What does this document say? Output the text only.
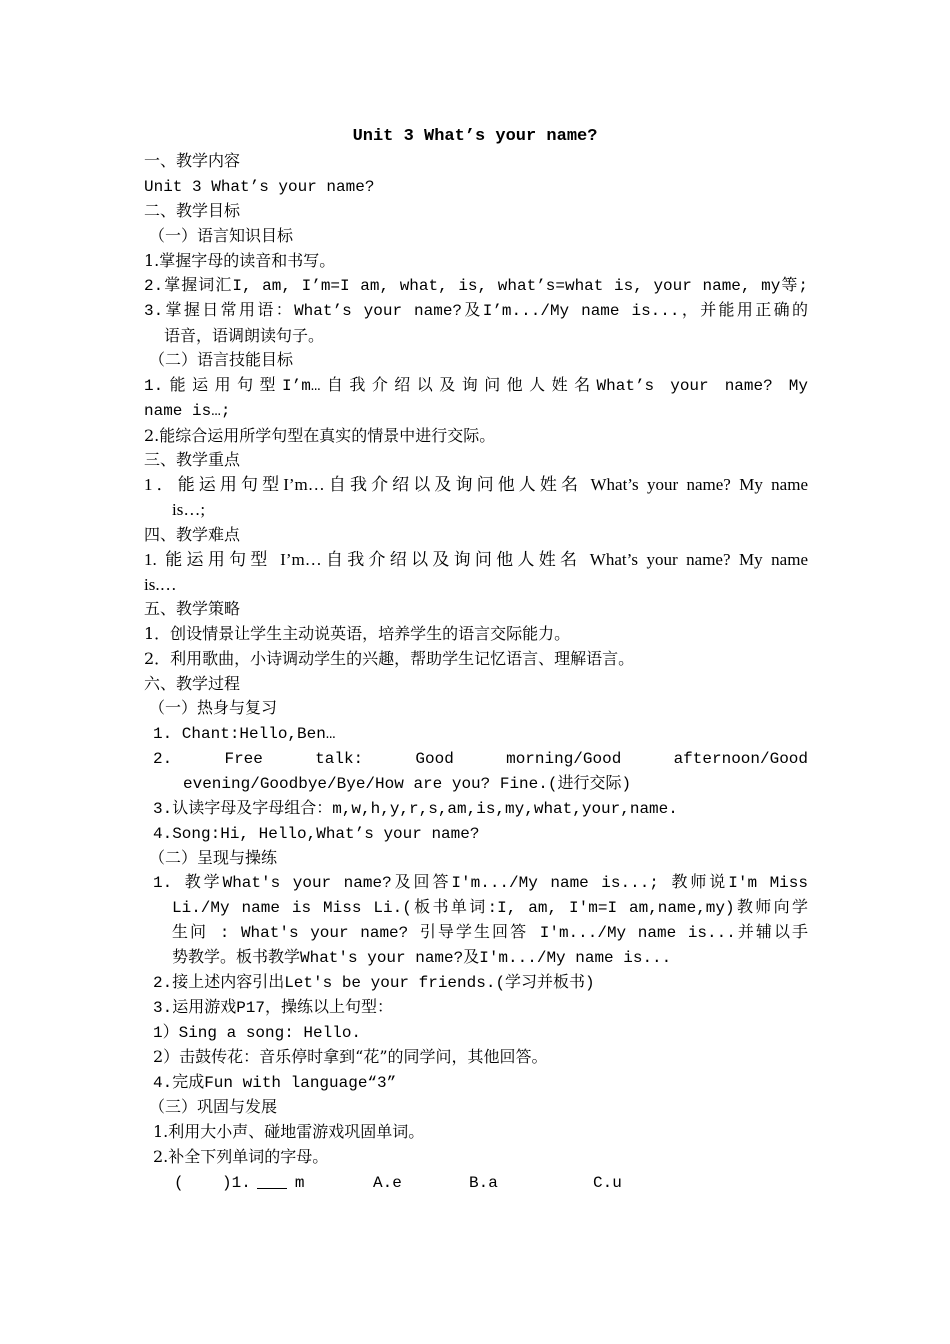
Unit 3 What’s your name?
一、教学内容
Unit 3 What’s your name?
二、教学目标
（一）语言知识目标
1.掌握字母的读音和书写。
2.掌握词汇I, am, I’m=I am, what, is, what’s=what is, your name, my等;
3.掌握日常用语：What’s your name?及I’m.../My name is...，并能用正确的
语音，语调朗读句子。
（二）语言技能目标
1.能运用句型I’m…自我介绍以及询问他人姓名What’s your name? My
name is…;
2.能综合运用所学句型在真实的情景中进行交际。
三、教学重点
1．能运用句型I’m…自我介绍以及询问他人姓名 What’s your name? My name
is…;
四、教学难点
1. 能运用句型 I’m…自我介绍以及询问他人姓名 What’s your name? My name
is.…
五、教学策略
1．创设情景让学生主动说英语，培养学生的语言交际能力。
2．利用歌曲，小诗调动学生的兴趣，帮助学生记忆语言、理解语言。
六、教学过程
（一）热身与复习
1. Chant:Hello,Ben…
2. Free talk: Good morning/Good afternoon/Good
evening/Goodbye/Bye/How are you? Fine.(进行交际)
3.认读字母及字母组合：m,w,h,y,r,s,am,is,my,what,your,name.
4.Song:Hi, Hello,What’s your name?
（二）呈现与操练
1. 教学What's your name?及回答I'm.../My name is...; 教师说I'm Miss
Li./My name is Miss Li.(板书单词:I, am, I'm=I am,name,my)教师向学
生问 : What's your name? 引导学生回答 I'm.../My name is...并辅以手
势教学。板书教学What's your name?及I'm.../My name is...
2.接上述内容引出Let's be your friends.(学习并板书)
3.运用游戏P17，操练以上句型：
1）Sing a song: Hello.
2）击鼓传花：音乐停时拿到“花”的同学问，其他回答。
4.完成Fun with language“3”
（三）巩固与发展
1.利用大小声、碰地雷游戏巩固单词。
2.补全下列单词的字母。
(    )1.	m	A.e	B.a	C.u
